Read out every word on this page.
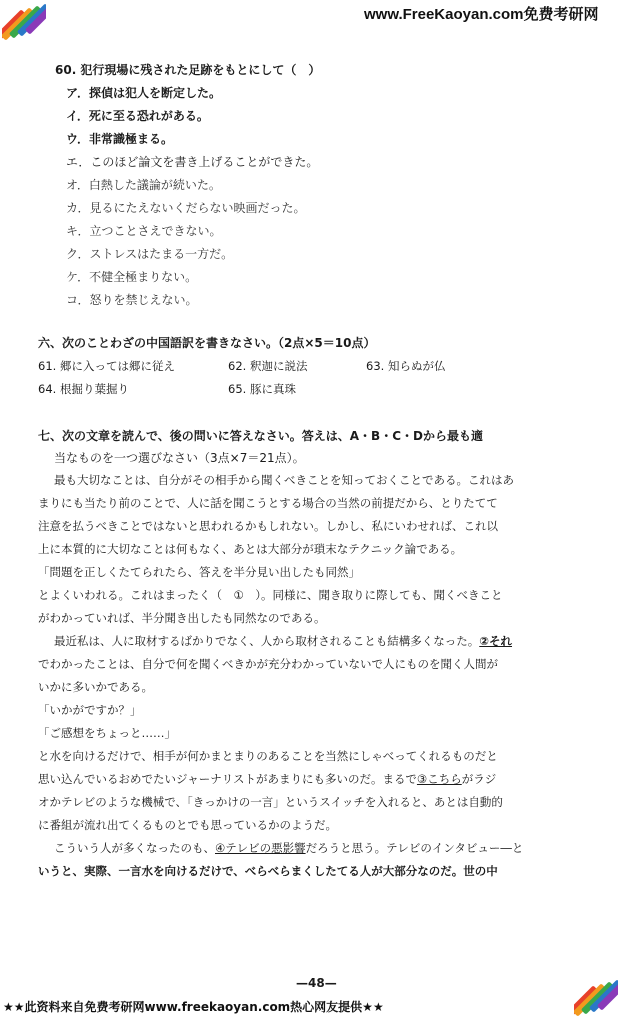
www.FreeKaoyan.com免费考研网
60. 犯行現場に残された足跡をもとにして（　）
ア．探偵は犯人を断定した。
イ．死に至る恐れがある。
ウ．非常識極まる。
エ．このほど論文を書き上げることができた。
オ．白熱した議論が続いた。
カ．見るにたえないくだらない映画だった。
キ．立つことさえできない。
ク．ストレスはたまる一方だ。
ケ．不健全極まりない。
コ．怒りを禁じえない。
六、次のことわざの中国語訳を書きなさい。（2点×5＝10点）
61. 郷に入っては郷に従え	62. 釈迦に説法	63. 知らぬが仏
64. 根掘り葉掘り	65. 豚に真珠
七、次の文章を読んで、後の問いに答えなさい。答えは、A・B・C・Dから最も適
当なものを一つ選びなさい（3点×7＝21点）。
最も大切なことは、自分がその相手から聞くべきことを知っておくことである。これはあ
まりにも当たり前のことで、人に話を聞こうとする場合の当然の前提だから、とりたてて
注意を払うべきことではないと思われるかもしれない。しかし、私にいわせれば、これ以
上に本質的に大切なことは何もなく、あとは大部分が瑣末なテクニック論である。
「問題を正しくたてられたら、答えを半分見い出したも同然」
とよくいわれる。これはまったく（　①　）。同様に、聞き取りに際しても、聞くべきこと
がわかっていれば、半分聞き出したも同然なのである。
最近私は、人に取材するばかりでなく、人から取材されることも結構多くなった。②それ
でわかったことは、自分で何を聞くべきかが充分わかっていないで人にものを聞く人間が
いかに多いかである。
「いかがですか？」
「ご感想をちょっと……」
と水を向けるだけで、相手が何かまとまりのあることを当然にしゃべってくれるものだと
思い込んでいるおめでたいジャーナリストがあまりにも多いのだ。まるで③こちらがラジ
オかテレビのような機械で、「きっかけの一言」というスイッチを入れると、あとは自動的
に番組が流れ出てくるものとでも思っているかのようだ。
こういう人が多くなったのも、④テレビの悪影響だろうと思う。テレビのインタビュー―と
いうと、実際、一言水を向けるだけで、べらべらまくしたてる人が大部分なのだ。世の中
—48—
★★此资料来自免费考研网www.freekaoyan.com热心网友提供★★
